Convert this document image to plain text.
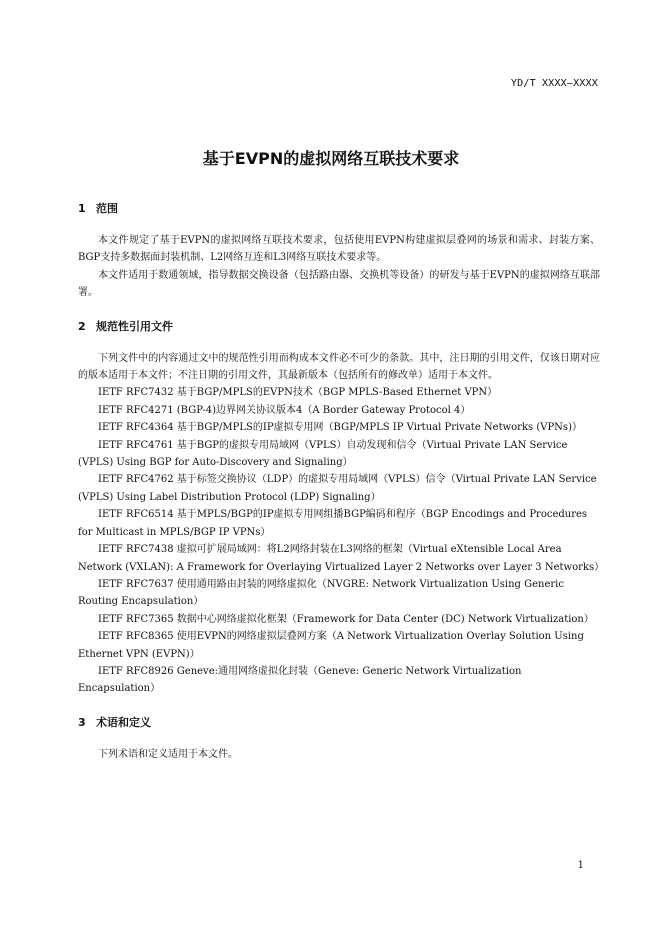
YD/T XXXX—XXXX
基于EVPN的虚拟网络互联技术要求
1 范围

本文件规定了基于EVPN的虚拟网络互联技术要求，包括使用EVPN构建虚拟层叠网的场景和需求、封装方案、BGP支持多数据面封装机制、L2网络互连和L3网络互联技术要求等。

本文件适用于数通领域，指导数据交换设备（包括路由器、交换机等设备）的研发与基于EVPN的虚拟网络互联部署。

2 规范性引用文件

下列文件中的内容通过文中的规范性引用而构成本文件必不可少的条款。其中，注日期的引用文件，仅该日期对应的版本适用于本文件；不注日期的引用文件，其最新版本（包括所有的修改单）适用于本文件。

IETF RFC7432 基于BGP/MPLS的EVPN技术（BGP MPLS-Based Ethernet VPN）

IETF RFC4271 (BGP-4)边界网关协议版本4（A Border Gateway Protocol 4）

IETF RFC4364 基于BGP/MPLS的IP虚拟专用网（BGP/MPLS IP Virtual Private Networks (VPNs)）

IETF RFC4761 基于BGP的虚拟专用局域网（VPLS）自动发现和信令（Virtual Private LAN Service (VPLS) Using BGP for Auto-Discovery and Signaling）

IETF RFC4762 基于标签交换协议（LDP）的虚拟专用局域网（VPLS）信令（Virtual Private LAN Service (VPLS) Using Label Distribution Protocol (LDP) Signaling）

IETF RFC6514 基于MPLS/BGP的IP虚拟专用网组播BGP编码和程序（BGP Encodings and Procedures for Multicast in MPLS/BGP IP VPNs）

IETF RFC7438 虚拟可扩展局域网：将L2网络封装在L3网络的框架（Virtual eXtensible Local Area Network (VXLAN): A Framework for Overlaying Virtualized Layer 2 Networks over Layer 3 Networks）

IETF RFC7637 使用通用路由封装的网络虚拟化（NVGRE: Network Virtualization Using Generic Routing Encapsulation）

IETF RFC7365 数据中心网络虚拟化框架（Framework for Data Center (DC) Network Virtualization）

IETF RFC8365 使用EVPN的网络虚拟层叠网方案（A Network Virtualization Overlay Solution Using Ethernet VPN (EVPN)）

IETF RFC8926 Geneve:通用网络虚拟化封装（Geneve: Generic Network Virtualization Encapsulation）

3 术语和定义

下列术语和定义适用于本文件。

1
